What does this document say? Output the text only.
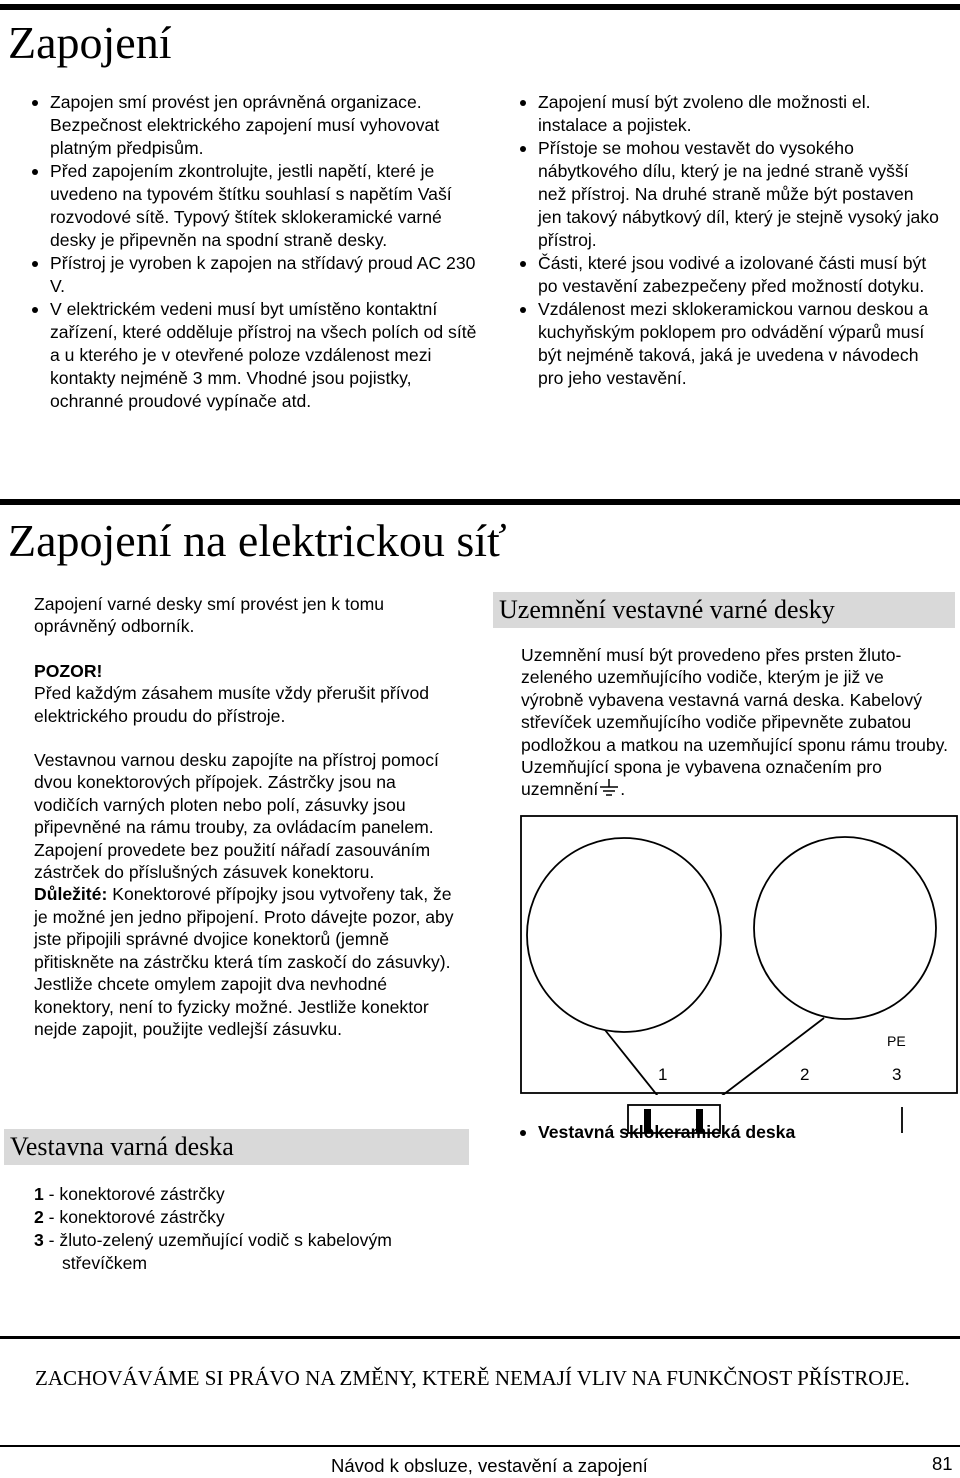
Zapojení
Zapojen smí provést jen oprávněná organizace. Bezpečnost elektrického zapojení musí vyhovovat platným předpisům.
Před zapojením zkontrolujte, jestli napětí, které je uvedeno na typovém štítku souhlasí s napětím Vaší rozvodové sítě. Typový štítek sklokeramické varné desky je připevněn na spodní straně desky.
Přístroj je vyroben k zapojen na střídavý proud AC 230 V.
V elektrickém vedeni musí byt umístěno kontaktní zařízení, které odděluje přístroj na všech polích od sítě a u kterého je v otevřené poloze vzdálenost mezi kontakty nejméně 3 mm. Vhodné jsou pojistky, ochranné proudové vypínače atd.
Zapojení musí být zvoleno dle možnosti el. instalace a pojistek.
Přístoje se mohou vestavět do vysokého nábytkového dílu, který je na jedné straně vyšší než přístroj. Na druhé straně může být postaven jen takový nábytkový díl, který je stejně vysoký jako přístroj.
Části, které jsou vodivé a izolované části musí být po vestavění zabezpečeny před možností dotyku.
Vzdálenost mezi sklokeramickou varnou deskou a kuchyňským poklopem pro odvádění výparů musí být nejméně taková, jaká je uvedena v návodech pro jeho vestavění.
Zapojení na elektrickou síť

Zapojení varné desky smí provést jen k tomu oprávněný odborník.

POZOR!

Před každým zásahem musíte vždy přerušit přívod elektrického proudu do přístroje.

Vestavnou varnou desku zapojíte na přístroj pomocí dvou konektorových přípojek. Zástrčky jsou na vodičích varných ploten nebo polí, zásuvky jsou připevněné na rámu trouby, za ovládacím panelem.

Zapojení provedete bez použití nářadí zasouváním zástrček do příslušných zásuvek konektoru.

Důležité: Konektorové přípojky jsou vytvořeny tak, že je možné jen jedno připojení. Proto dávejte pozor, aby jste připojili správné dvojice konektorů (jemně přitiskněte na zástrčku která tím zaskočí do zásuvky). Jestliže chcete omylem zapojit dva nevhodné konektory, není to fyzicky možné. Jestliže konektor nejde zapojit, použijte vedlejší zásuvku.

Uzemnění vestavné varné desky

Uzemnění musí být provedeno přes prsten žluto-zeleného uzemňujícího vodiče, kterým je již ve výrobně vybavena vestavná varná deska. Kabelový střevíček uzemňujícího vodiče připevněte zubatou podložkou a matkou na uzemňující sponu rámu trouby. Uzemňující spona je vybavena označením pro uzemnění .

PE
1	2	3
Vestavná sklokeramická deska
Vestavna varná deska

1 - konektorové zástrčky

2 - konektorové zástrčky

3 - žluto-zelený uzemňující vodič s kabelovým

střevíčkem

ZACHOVÁVÁME SI PRÁVO NA ZMĚNY, KTERĚ NEMAJÍ VLIV NA FUNKČNOST PŘÍSTROJE.
Návod k obsluze, vestavění a zapojení	81
